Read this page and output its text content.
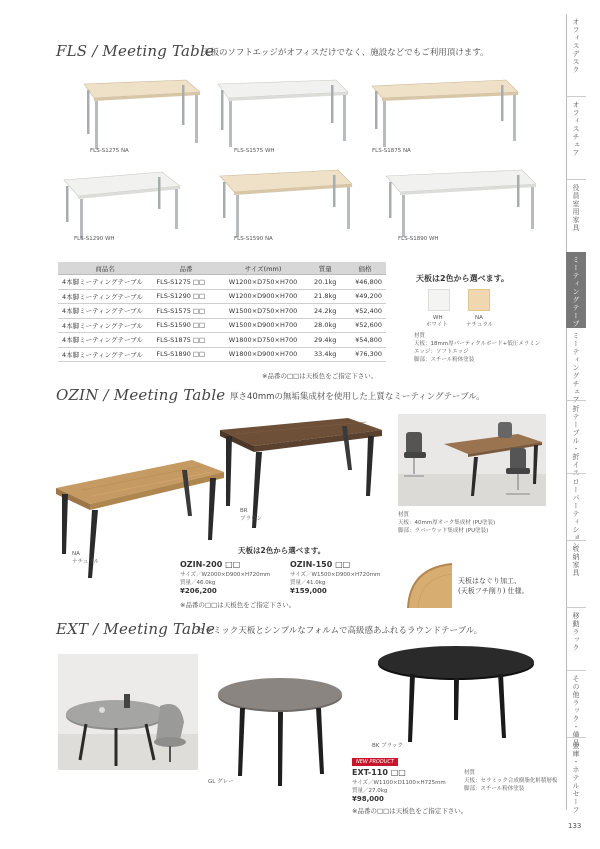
FLS / Meeting Table
天板のソフトエッジがオフィスだけでなく、施設などでもご利用頂けます。
FLS-S1275 NA	FLS-S1575 WH	FLS-S1875 NA
FLS-S1290 WH	FLS-S1590 NA	FLS-S1890 WH
商品名	品番	サイズ(mm)	質量	価格
4本脚ミーティングテーブル	FLS-S1275 □□	W1200×D750×H700	20.1kg	¥46,800
4本脚ミーティングテーブル	FLS-S1290 □□	W1200×D900×H700	21.8kg	¥49,200
4本脚ミーティングテーブル	FLS-S1575 □□	W1500×D750×H700	24.2kg	¥52,400
4本脚ミーティングテーブル	FLS-S1590 □□	W1500×D900×H700	28.0kg	¥52,600
4本脚ミーティングテーブル	FLS-S1875 □□	W1800×D750×H700	29.4kg	¥54,800
4本脚ミーティングテーブル	FLS-S1890 □□	W1800×D900×H700	33.4kg	¥76,300
※品番の□□は天板色をご指定下さい。
天板は2色から選べます。
WH
ホワイト
NA
ナチュラル
材質
天板：18mm厚パーティクルボード+低圧メラミン
エッジ：ソフトエッジ
脚部：スチール粉体塗装
OZIN / Meeting Table 厚さ40mmの無垢集成材を使用した上質なミーティングテーブル。
NA
ナチュラル
BR
ブラウン
材質
天板：40mm厚オーク集成材 (PU塗装)
脚部：ラバーウッド集成材 (PU塗装)
天板は2色から選べます。
OZIN-200 □□
サイズ／W2000×D900×H720mm
質量／46.0kg
¥206,200
OZIN-150 □□
サイズ／W1500×D900×H720mm
質量／41.0kg
¥159,000
※品番の□□は天板色をご指定下さい。
天板はなぐり加工、
(天板フチ削り) 仕様。
EXT / Meeting Table
セラミック天板とシンプルなフォルムで高級感あふれるラウンドテーブル。
GL グレー
BK ブラック
NEW PRODUCT
EXT-110 □□
サイズ／W1100×D1100×H725mm
質量／27.0kg
¥98,000
※品番の□□は天板色をご指定下さい。
材質
天板：セラミック合成樹脂化粧積層板
脚部：スチール粉体塗装
オフィスデスク
オフィスチェア
役員室用家具
ミーティングテーブル
ミーティングチェア
折テーブル・折イス
ローパーティション
収納家具
移動ラック
その他ラック・備品
金庫・ホテルセーフ
133
